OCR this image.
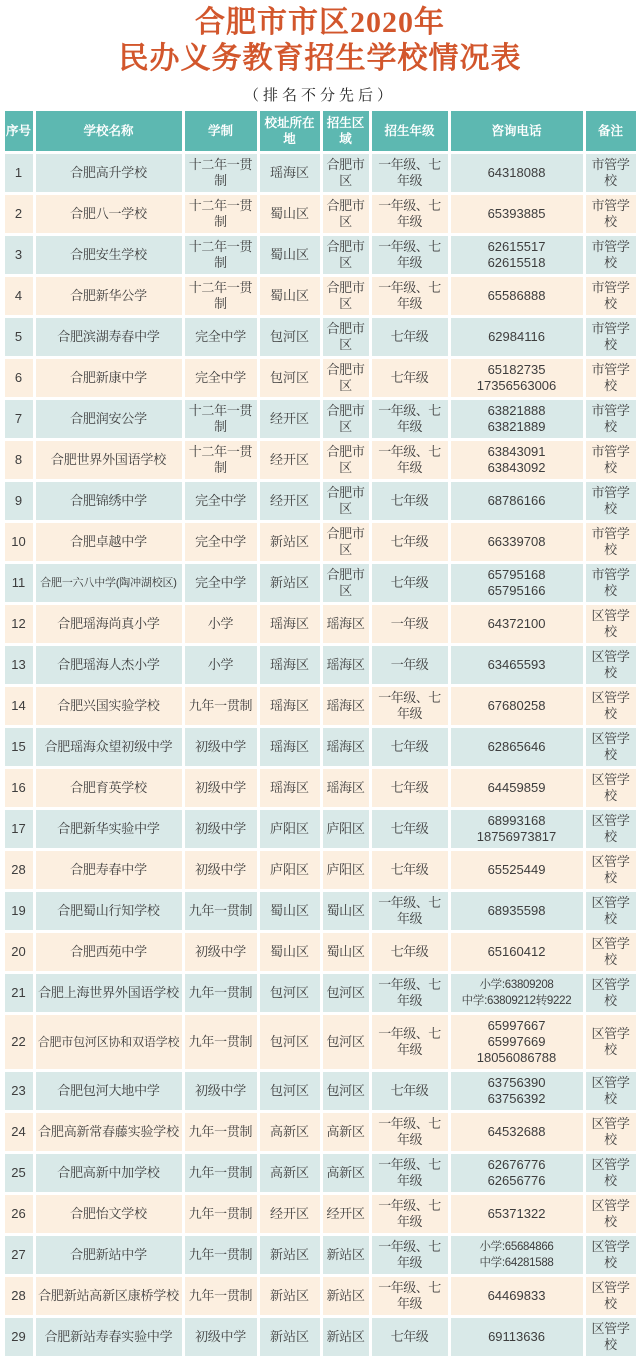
合肥市市区2020年
民办义务教育招生学校情况表
（排名不分先后）
序号	学校名称	学制	校址所在地	招生区域	招生年级	咨询电话	备注
1	合肥高升学校	十二年一贯制	瑶海区	合肥市区	一年级、七年级	64318088	市管学校
2	合肥八一学校	十二年一贯制	蜀山区	合肥市区	一年级、七年级	65393885	市管学校
3	合肥安生学校	十二年一贯制	蜀山区	合肥市区	一年级、七年级	62615517
62615518	市管学校
4	合肥新华公学	十二年一贯制	蜀山区	合肥市区	一年级、七年级	65586888	市管学校
5	合肥滨湖寿春中学	完全中学	包河区	合肥市区	七年级	62984116	市管学校
6	合肥新康中学	完全中学	包河区	合肥市区	七年级	65182735
17356563006	市管学校
7	合肥润安公学	十二年一贯制	经开区	合肥市区	一年级、七年级	63821888
63821889	市管学校
8	合肥世界外国语学校	十二年一贯制	经开区	合肥市区	一年级、七年级	63843091
63843092	市管学校
9	合肥锦绣中学	完全中学	经开区	合肥市区	七年级	68786166	市管学校
10	合肥卓越中学	完全中学	新站区	合肥市区	七年级	66339708	市管学校
11	合肥一六八中学(陶冲湖校区)	完全中学	新站区	合肥市区	七年级	65795168
65795166	市管学校
12	合肥瑶海尚真小学	小学	瑶海区	瑶海区	一年级	64372100	区管学校
13	合肥瑶海人杰小学	小学	瑶海区	瑶海区	一年级	63465593	区管学校
14	合肥兴国实验学校	九年一贯制	瑶海区	瑶海区	一年级、七年级	67680258	区管学校
15	合肥瑶海众望初级中学	初级中学	瑶海区	瑶海区	七年级	62865646	区管学校
16	合肥育英学校	初级中学	瑶海区	瑶海区	七年级	64459859	区管学校
17	合肥新华实验中学	初级中学	庐阳区	庐阳区	七年级	68993168
18756973817	区管学校
28	合肥寿春中学	初级中学	庐阳区	庐阳区	七年级	65525449	区管学校
19	合肥蜀山行知学校	九年一贯制	蜀山区	蜀山区	一年级、七年级	68935598	区管学校
20	合肥西苑中学	初级中学	蜀山区	蜀山区	七年级	65160412	区管学校
21	合肥上海世界外国语学校	九年一贯制	包河区	包河区	一年级、七年级	小学:63809208
中学:63809212转9222	区管学校
22	合肥市包河区协和双语学校	九年一贯制	包河区	包河区	一年级、七年级	65997667
65997669
18056086788	区管学校
23	合肥包河大地中学	初级中学	包河区	包河区	七年级	63756390
63756392	区管学校
24	合肥高新常春藤实验学校	九年一贯制	高新区	高新区	一年级、七年级	64532688	区管学校
25	合肥高新中加学校	九年一贯制	高新区	高新区	一年级、七年级	62676776
62656776	区管学校
26	合肥怡文学校	九年一贯制	经开区	经开区	一年级、七年级	65371322	区管学校
27	合肥新站中学	九年一贯制	新站区	新站区	一年级、七年级	小学:65684866
中学:64281588	区管学校
28	合肥新站高新区康桥学校	九年一贯制	新站区	新站区	一年级、七年级	64469833	区管学校
29	合肥新站寿春实验中学	初级中学	新站区	新站区	七年级	69113636	区管学校
